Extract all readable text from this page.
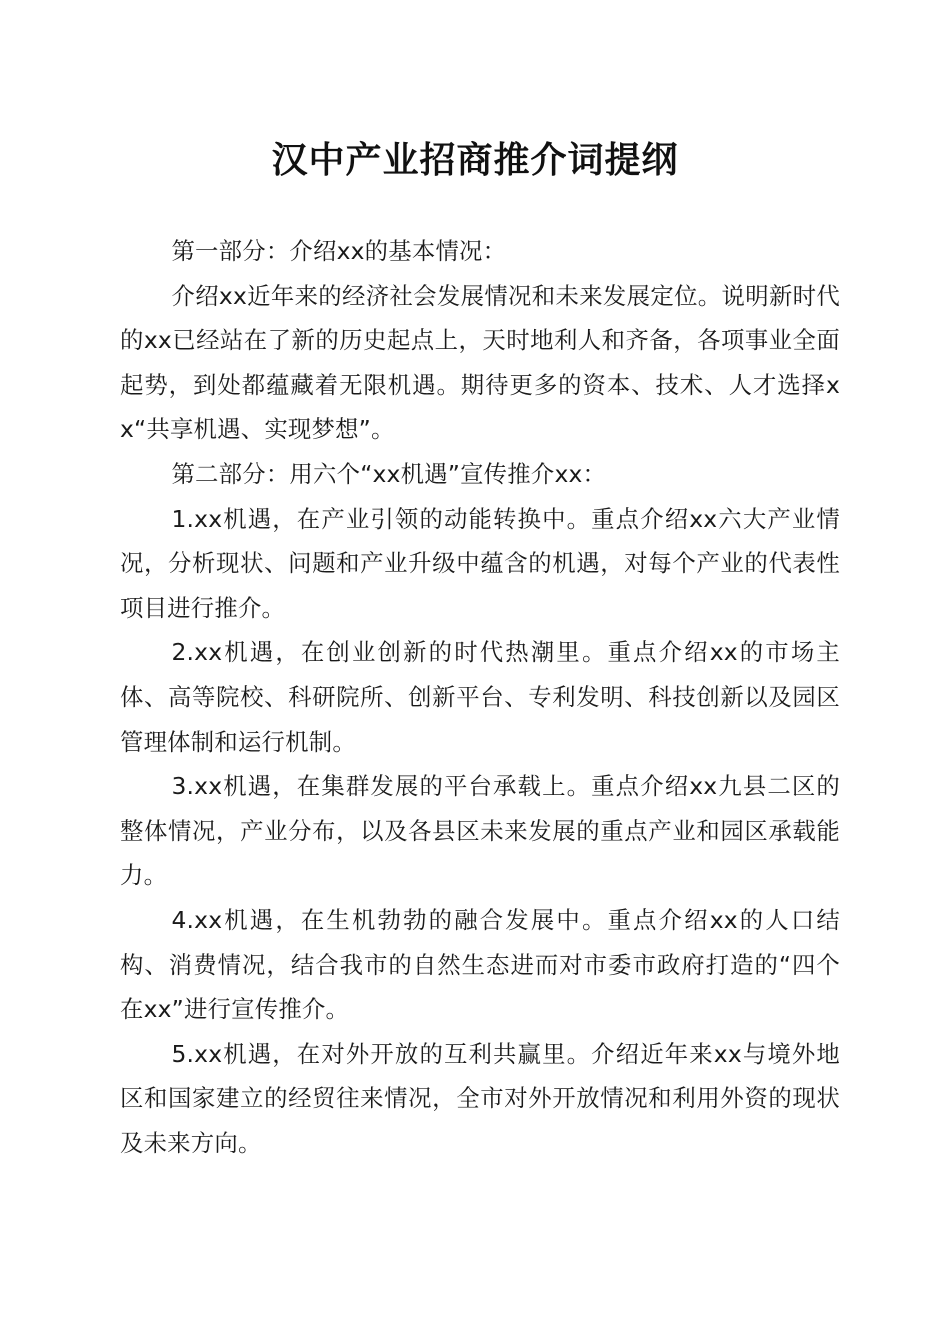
汉中产业招商推介词提纲

第一部分：介绍xx的基本情况：

介绍xx近年来的经济社会发展情况和未来发展定位。说明新时代的xx已经站在了新的历史起点上，天时地利人和齐备，各项事业全面起势，到处都蕴藏着无限机遇。期待更多的资本、技术、人才选择xx“共享机遇、实现梦想”。

第二部分：用六个“xx机遇”宣传推介xx：

1.xx机遇，在产业引领的动能转换中。重点介绍xx六大产业情况，分析现状、问题和产业升级中蕴含的机遇，对每个产业的代表性项目进行推介。

2.xx机遇，在创业创新的时代热潮里。重点介绍xx的市场主体、高等院校、科研院所、创新平台、专利发明、科技创新以及园区管理体制和运行机制。

3.xx机遇，在集群发展的平台承载上。重点介绍xx九县二区的整体情况，产业分布，以及各县区未来发展的重点产业和园区承载能力。

4.xx机遇，在生机勃勃的融合发展中。重点介绍xx的人口结构、消费情况，结合我市的自然生态进而对市委市政府打造的“四个在xx”进行宣传推介。

5.xx机遇，在对外开放的互利共赢里。介绍近年来xx与境外地区和国家建立的经贸往来情况，全市对外开放情况和利用外资的现状及未来方向。
